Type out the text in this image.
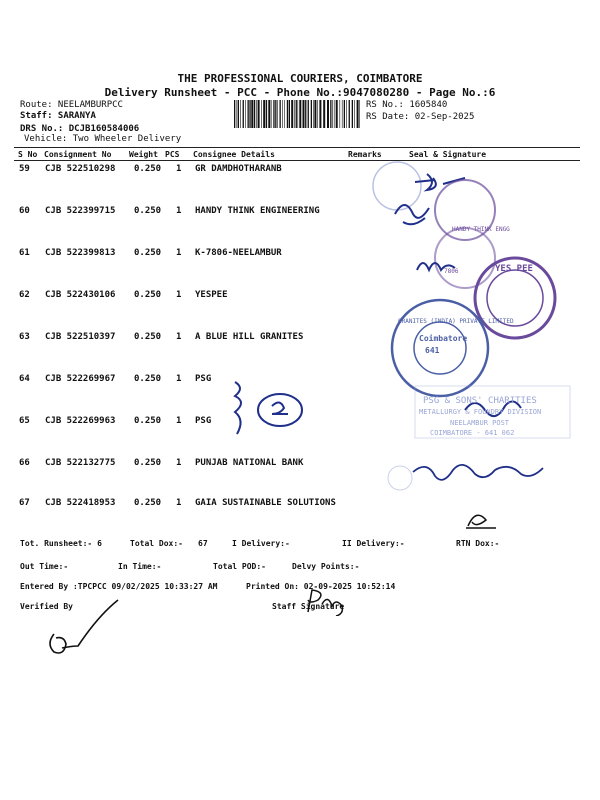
THE PROFESSIONAL COURIERS, COIMBATORE
Delivery Runsheet - PCC - Phone No.:9047080280 - Page No.:6
Route: NEELAMBURPCC
Staff: SARANYA
DRS No.: DCJB160584006
Vehicle: Two Wheeler Delivery
RS No.: 1605840
RS Date: 02-Sep-2025
S No Consignment No Weight PCS Consignee Details	Remarks	Seal & Signature
59 CJB 522510298 0.250 1 GR DAMDHOTHARANB
60 CJB 522399715 0.250 1 HANDY THINK ENGINEERING
61 CJB 522399813 0.250 1 K-7806-NEELAMBUR
62 CJB 522430106 0.250 1 YESPEE
63 CJB 522510397 0.250 1 A BLUE HILL GRANITES
64 CJB 522269967 0.250 1 PSG
65 CJB 522269963 0.250 1 PSG
66 CJB 522132775 0.250 1 PUNJAB NATIONAL BANK
67 CJB 522418953 0.250 1 GAIA SUSTAINABLE SOLUTIONS
Coimbatore
641
GRANITES (INDIA) PRIVATE LIMITED
YES PEE
HANDY THINK ENGG
7806
PSG & SONS' CHARITIES
METALLURGY & FOUNDRY DIVISION
NEELAMBUR POST
COIMBATORE - 641 062
Tot. Runsheet:- 6	Total Dox:- 67	I Delivery:-	II Delivery:-	RTN Dox:-
Out Time:-	In Time:-	Total POD:-	Delvy Points:-
Entered By :TPCPCC 09/02/2025 10:33:27 AM	Printed On: 02-09-2025 10:52:14
Verified By	Staff Signature
